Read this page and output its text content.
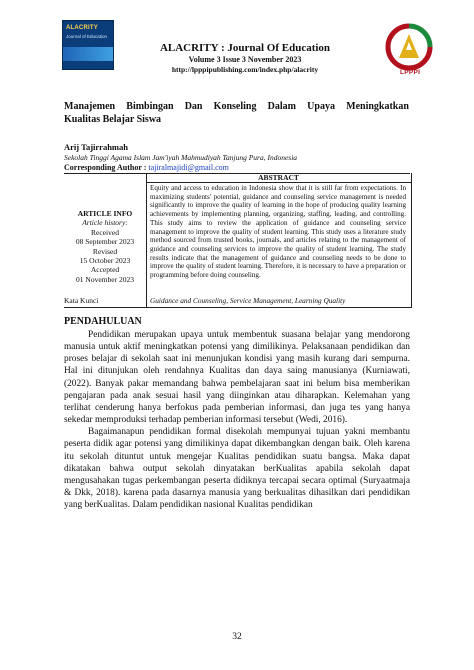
ALACRITY
Journal of Education
ALACRITY : Journal Of Education
Volume 3 Issue 3 November 2023
http://lpppipublishing.com/index.php/alacrity	LPPPI
Manajemen Bimbingan Dan Konseling Dalam Upaya Meningkatkan
Kualitas Belajar Siswa
Arij Tajirrahmah
Sekolah Tinggi Agama Islam Jam'iyah Mahmudiyah Tanjung Pura, Indonesia
Corresponding Author : tajiralmajidi@gmail.com
ABSTRACT

Equity and access to education in Indonesia show that it is still far from expectations. In maximizing students' potential, guidance and counseling service management is needed significantly to improve the quality of learning in the hope of producing quality learning achievements by implementing planning, organizing, staffing, leading, and controlling. This study aims to review the application of guidance and counseling service management to improve the quality of student learning. This study uses a literature study method sourced from trusted books, journals, and articles relating to the management of guidance and counseling services to improve the quality of student learning. The study results indicate that the management of guidance and counseling needs to be done to improve the quality of student learning. Therefore, it is necessary to have a preparation or programming before doing counseling.

ARTICLE INFO
Article history:
Received
08 September 2023
Revised
15 October 2023
Accepted
01 November 2023
Kata Kunci	Guidance and Counseling, Service Management, Learning Quality
PENDAHULUAN

Pendidikan merupakan upaya untuk membentuk suasana belajar yang mendorong manusia untuk aktif meningkatkan potensi yang dimilikinya. Pelaksanaan pendidikan dan proses belajar di sekolah saat ini menunjukan kondisi yang masih kurang dari sempurna. Hal ini ditunjukan oleh rendahnya Kualitas dan daya saing manusianya (Kurniawati, (2022). Banyak pakar memandang bahwa pembelajaran saat ini belum bisa memberikan pengajaran pada anak sesuai hasil yang diinginkan atau diharapkan. Kelemahan yang terlihat cenderung hanya berfokus pada pemberian informasi, dan juga tes yang hanya sekedar memproduksi terhadap pemberian informasi tersebut (Wedi, 2016).

Bagaimanapun pendidikan formal disekolah mempunyai tujuan yakni membantu peserta didik agar potensi yang dimilikinya dapat dikembangkan dengan baik. Oleh karena itu sekolah dituntut untuk mengejar Kualitas pendidikan suatu bangsa. Maka dapat dikatakan bahwa output sekolah dinyatakan berKualitas apabila sekolah dapat mengusahakan tugas perkembangan peserta didiknya tercapai secara optimal (Suryaatmaja & Dkk, 2018). karena pada dasarnya manusia yang berkualitas dihasilkan dari pendidikan yang berKualitas. Dalam pendidikan nasional Kualitas pendidikan

32
